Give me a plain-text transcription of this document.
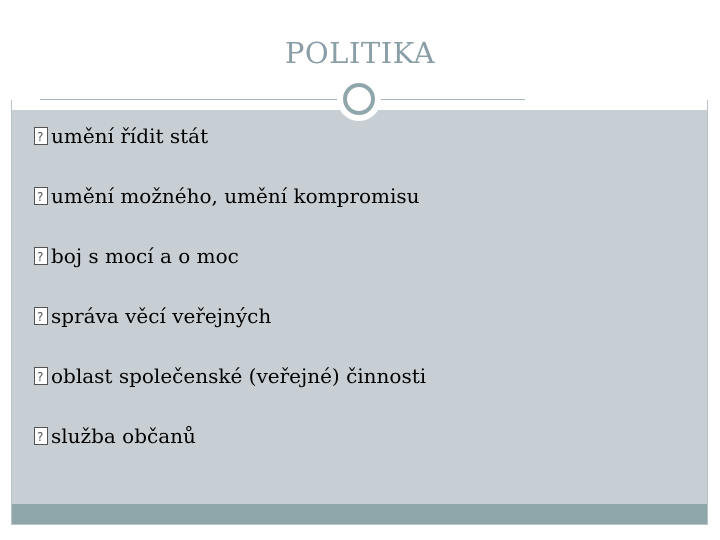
POLITIKA
?umění řídit stát
?umění možného, umění kompromisu
?boj s mocí a o moc
?správa věcí veřejných
?oblast společenské (veřejné) činnosti
?služba občanů
